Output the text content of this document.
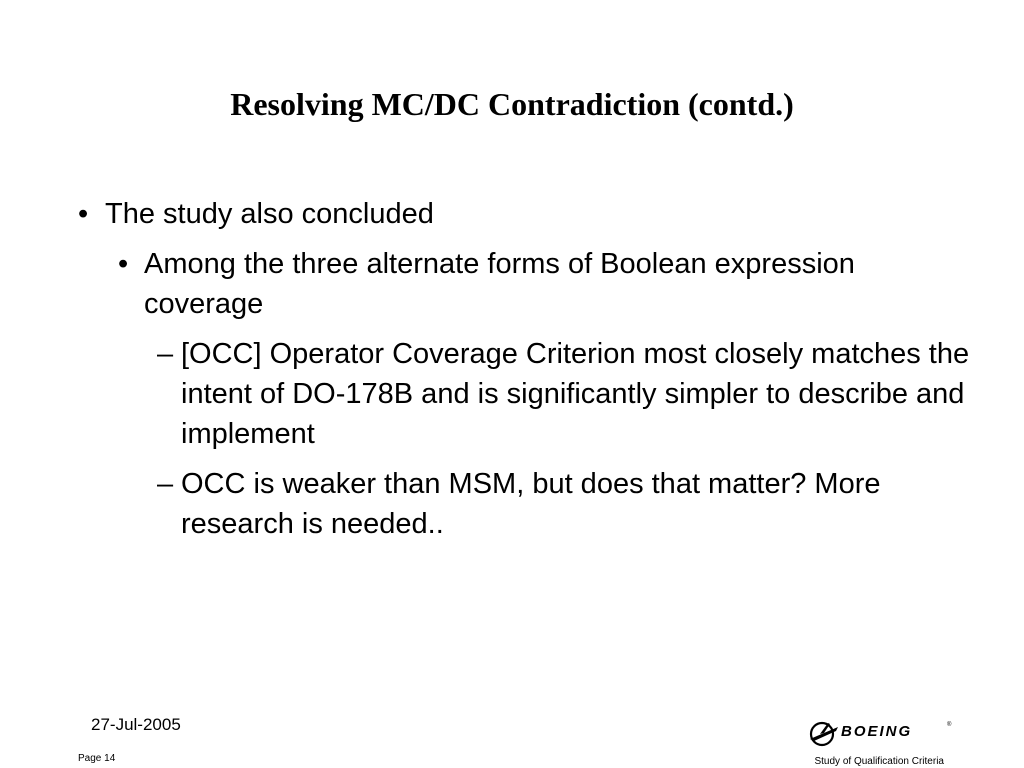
Resolving MC/DC Contradiction (contd.)
• The study also concluded
• Among the three alternate forms of Boolean expression coverage
– [OCC] Operator Coverage Criterion most closely matches the intent of DO-178B and is significantly simpler to describe and implement
– OCC is weaker than MSM, but does that matter? More research is needed..
27-Jul-2005
Page 14
BOEING	®
Study of Qualification Criteria
